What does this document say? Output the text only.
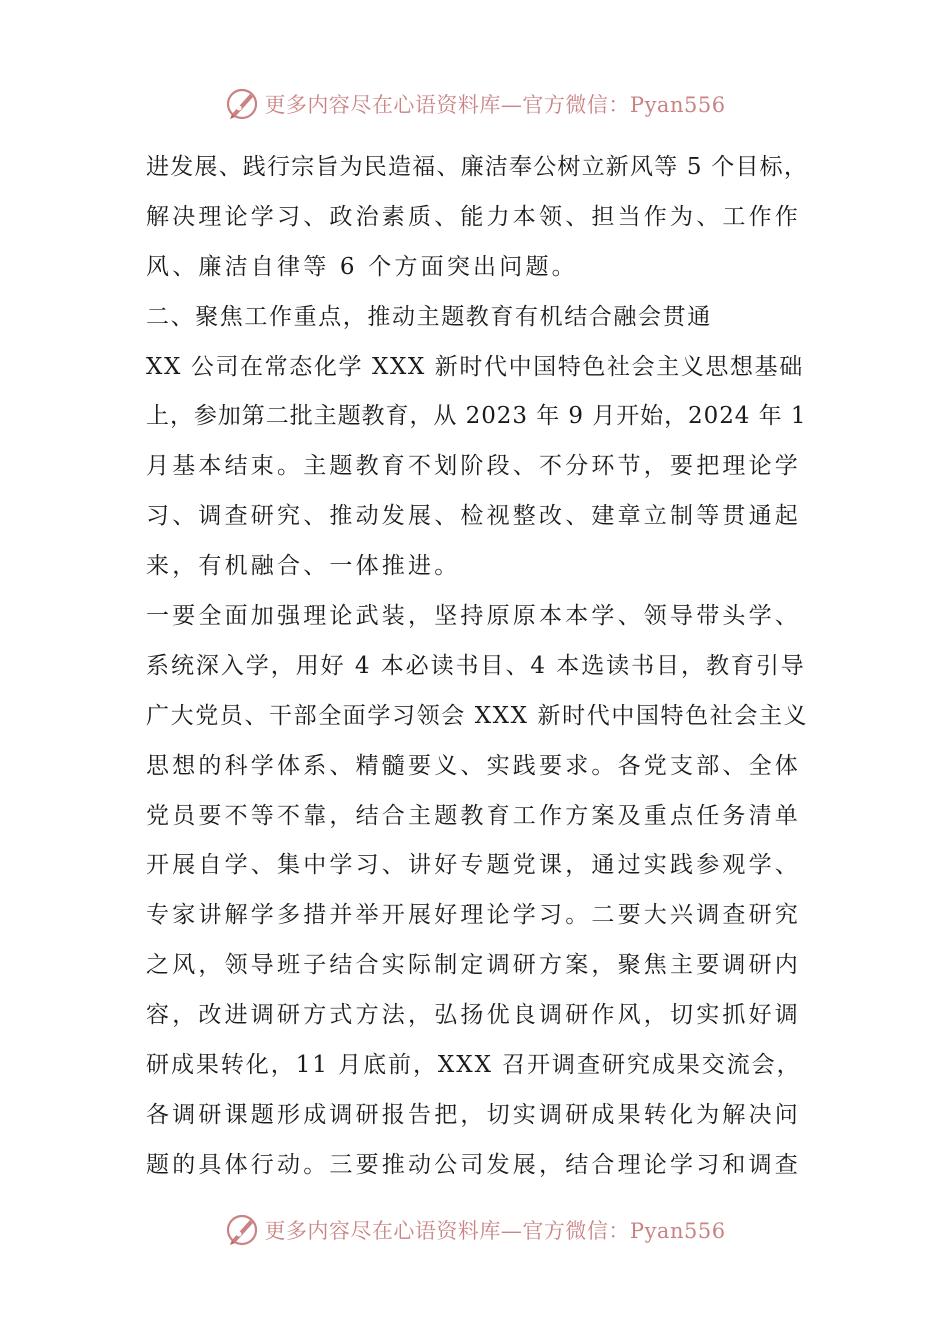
更多内容尽在心语资料库—官方微信：Pyan556
进发展、践行宗旨为民造福、廉洁奉公树立新风等 5 个目标，
解决理论学习、政治素质、能力本领、担当作为、工作作
风、廉洁自律等 6 个方面突出问题。
二、聚焦工作重点，推动主题教育有机结合融会贯通
XX 公司在常态化学 XXX 新时代中国特色社会主义思想基础
上，参加第二批主题教育，从 2023 年 9 月开始，2024 年 1
月基本结束。主题教育不划阶段、不分环节，要把理论学
习、调查研究、推动发展、检视整改、建章立制等贯通起
来，有机融合、一体推进。
一要全面加强理论武装，坚持原原本本学、领导带头学、
系统深入学，用好 4 本必读书目、4 本选读书目，教育引导
广大党员、干部全面学习领会 XXX 新时代中国特色社会主义
思想的科学体系、精髓要义、实践要求。各党支部、全体
党员要不等不靠，结合主题教育工作方案及重点任务清单
开展自学、集中学习、讲好专题党课，通过实践参观学、
专家讲解学多措并举开展好理论学习。二要大兴调查研究
之风，领导班子结合实际制定调研方案，聚焦主要调研内
容，改进调研方式方法，弘扬优良调研作风，切实抓好调
研成果转化，11 月底前，XXX 召开调查研究成果交流会，
各调研课题形成调研报告把，切实调研成果转化为解决问
题的具体行动。三要推动公司发展，结合理论学习和调查
更多内容尽在心语资料库—官方微信：Pyan556
